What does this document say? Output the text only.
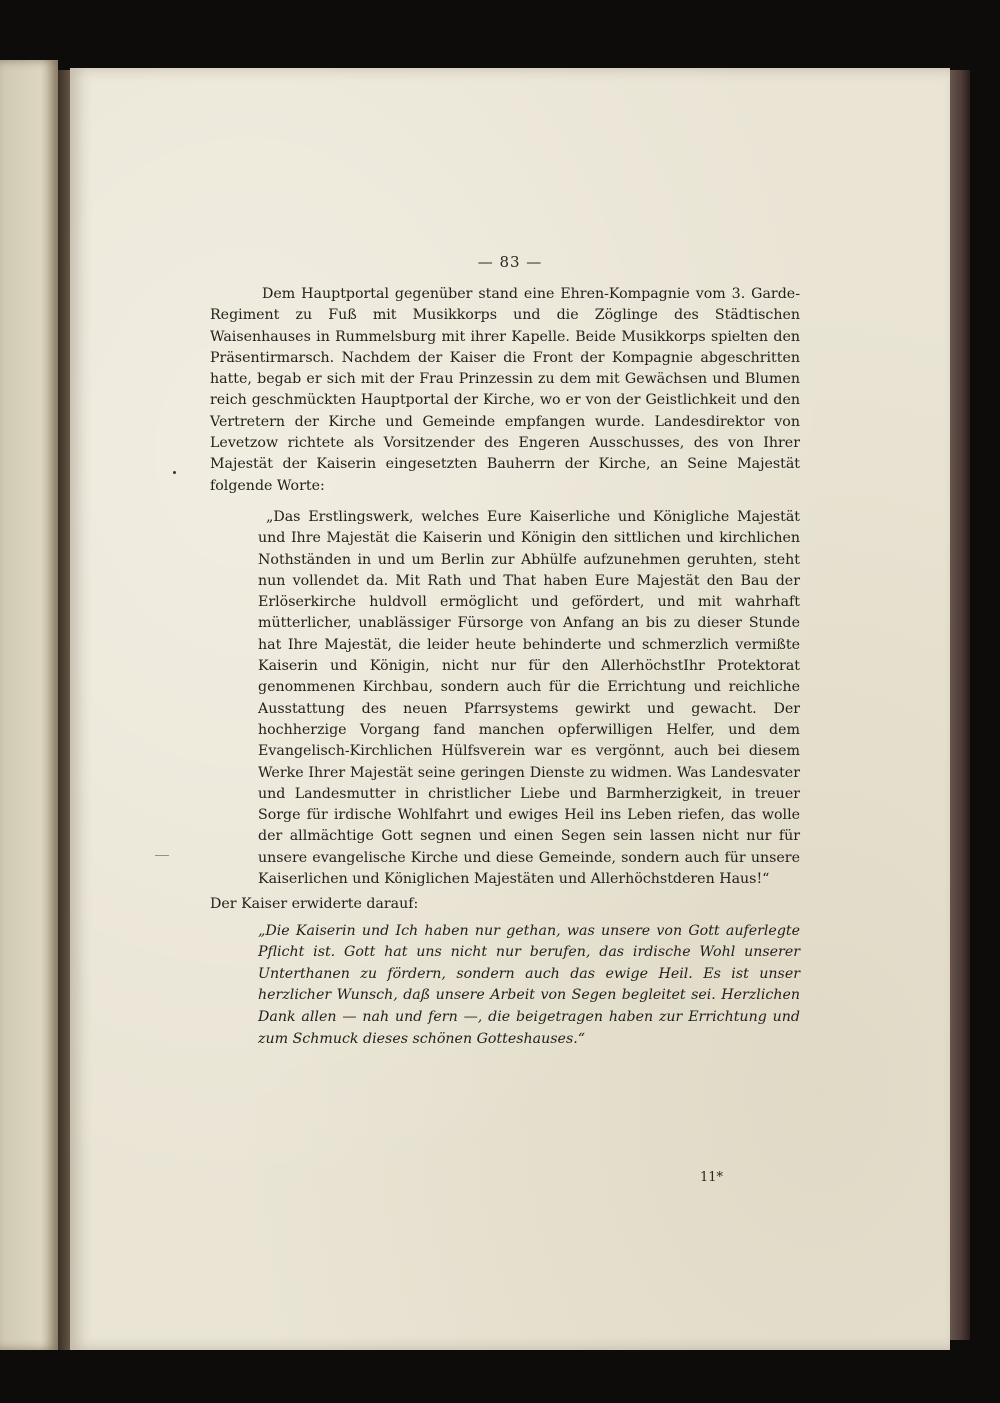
— 83 —

Dem Hauptportal gegenüber stand eine Ehren-Kompagnie vom 3. Garde-Regiment zu Fuß mit Musikkorps und die Zöglinge des Städtischen Waisenhauses in Rummelsburg mit ihrer Kapelle. Beide Musikkorps spielten den Präsentirmarsch. Nachdem der Kaiser die Front der Kompagnie abgeschritten hatte, begab er sich mit der Frau Prinzessin zu dem mit Gewächsen und Blumen reich geschmückten Hauptportal der Kirche, wo er von der Geistlichkeit und den Vertretern der Kirche und Gemeinde empfangen wurde. Landesdirektor von Levetzow richtete als Vorsitzender des Engeren Ausschusses, des von Ihrer Majestät der Kaiserin eingesetzten Bauherrn der Kirche, an Seine Majestät folgende Worte:

„Das Erstlingswerk, welches Eure Kaiserliche und Königliche Majestät und Ihre Majestät die Kaiserin und Königin den sittlichen und kirchlichen Nothständen in und um Berlin zur Abhülfe aufzunehmen geruhten, steht nun vollendet da. Mit Rath und That haben Eure Majestät den Bau der Erlöserkirche huldvoll ermöglicht und gefördert, und mit wahrhaft mütterlicher, unablässiger Fürsorge von Anfang an bis zu dieser Stunde hat Ihre Majestät, die leider heute behinderte und schmerzlich vermißte Kaiserin und Königin, nicht nur für den AllerhöchstIhr Protektorat genommenen Kirchbau, sondern auch für die Errichtung und reichliche Ausstattung des neuen Pfarrsystems gewirkt und gewacht. Der hochherzige Vorgang fand manchen opferwilligen Helfer, und dem Evangelisch-Kirchlichen Hülfsverein war es vergönnt, auch bei diesem Werke Ihrer Majestät seine geringen Dienste zu widmen. Was Landesvater und Landesmutter in christlicher Liebe und Barmherzigkeit, in treuer Sorge für irdische Wohlfahrt und ewiges Heil ins Leben riefen, das wolle der allmächtige Gott segnen und einen Segen sein lassen nicht nur für unsere evangelische Kirche und diese Gemeinde, sondern auch für unsere Kaiserlichen und Königlichen Majestäten und Allerhöchstderen Haus!“

Der Kaiser erwiderte darauf:

„Die Kaiserin und Ich haben nur gethan, was unsere von Gott auferlegte Pflicht ist. Gott hat uns nicht nur berufen, das irdische Wohl unserer Unterthanen zu fördern, sondern auch das ewige Heil. Es ist unser herzlicher Wunsch, daß unsere Arbeit von Segen begleitet sei. Herzlichen Dank allen — nah und fern —, die beigetragen haben zur Errichtung und zum Schmuck dieses schönen Gotteshauses.“

11*
